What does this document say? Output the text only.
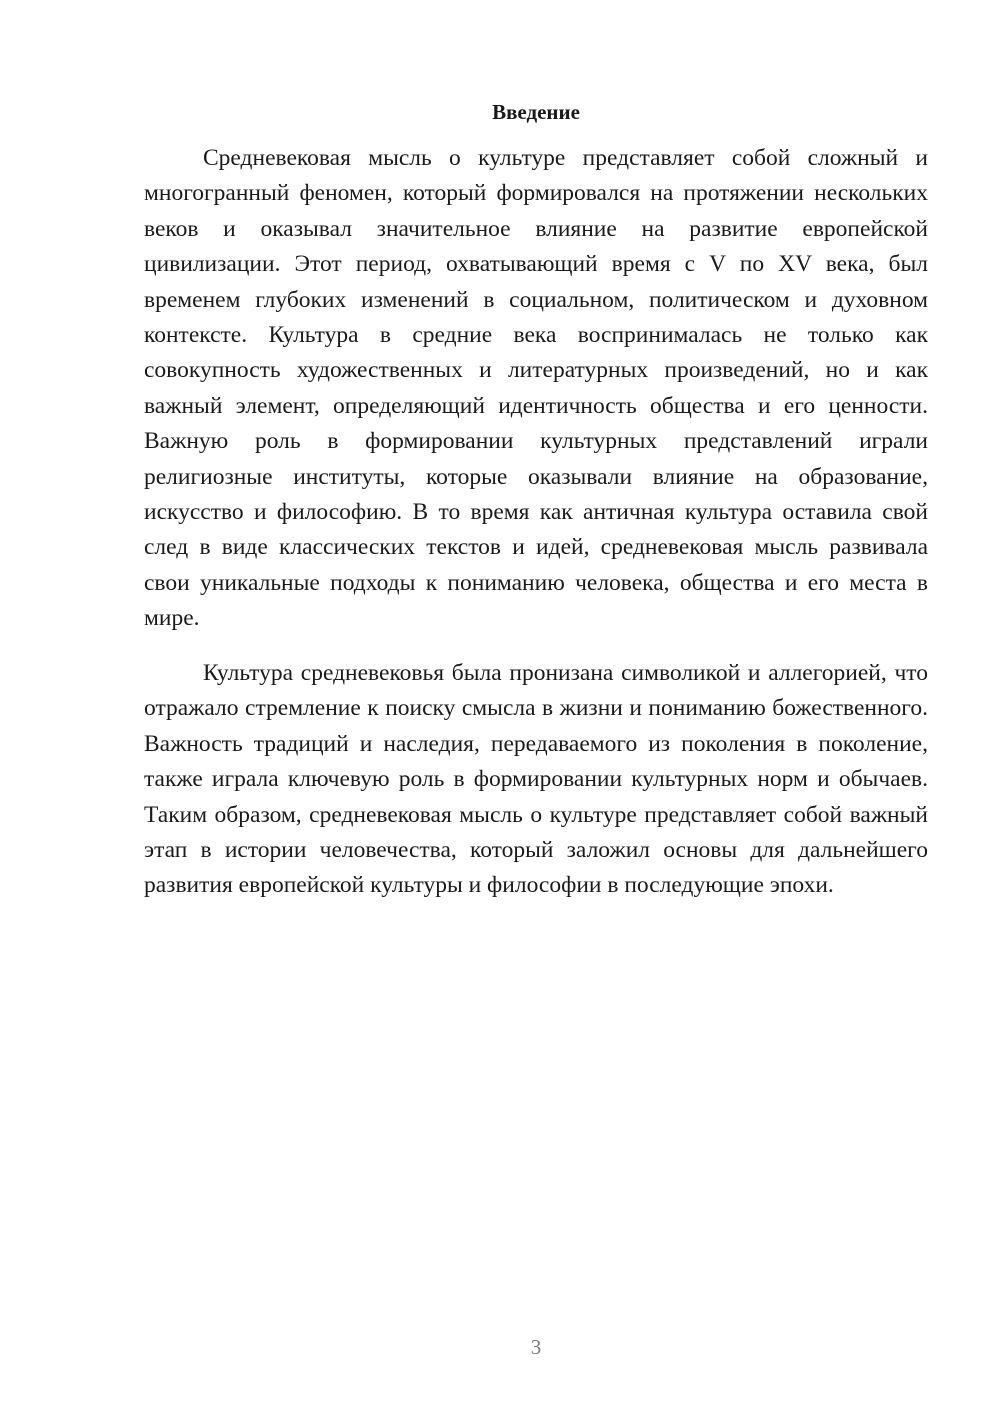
Введение

Средневековая мысль о культуре представляет собой сложный и многогранный феномен, который формировался на протяжении нескольких веков и оказывал значительное влияние на развитие европейской цивилизации. Этот период, охватывающий время с V по XV века, был временем глубоких изменений в социальном, политическом и духовном контексте. Культура в средние века воспринималась не только как совокупность художественных и литературных произведений, но и как важный элемент, определяющий идентичность общества и его ценности. Важную роль в формировании культурных представлений играли религиозные институты, которые оказывали влияние на образование, искусство и философию. В то время как античная культура оставила свой след в виде классических текстов и идей, средневековая мысль развивала свои уникальные подходы к пониманию человека, общества и его места в мире.

Культура средневековья была пронизана символикой и аллегорией, что отражало стремление к поиску смысла в жизни и пониманию божественного. Важность традиций и наследия, передаваемого из поколения в поколение, также играла ключевую роль в формировании культурных норм и обычаев. Таким образом, средневековая мысль о культуре представляет собой важный этап в истории человечества, который заложил основы для дальнейшего развития европейской культуры и философии в последующие эпохи.

3
